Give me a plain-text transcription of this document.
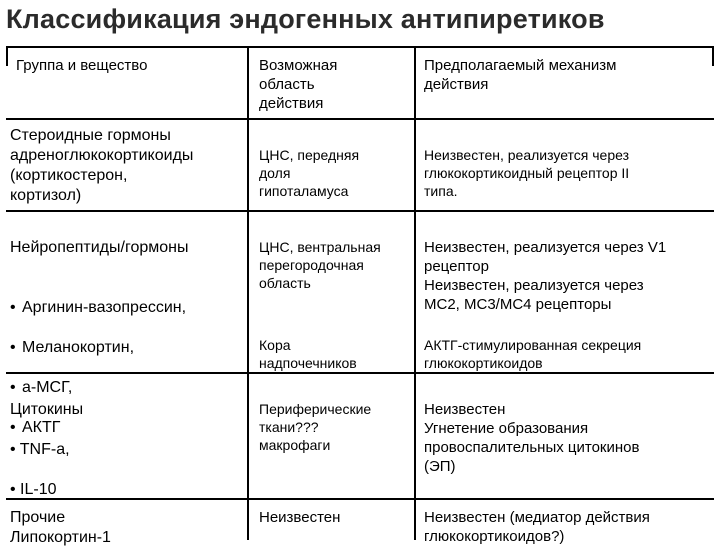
Классификация эндогенных антипиретиков
Группа и вещество	Возможная
область
действия
Предполагаемый механизм
действия
Стероидные гормоны
адреноглюкокортикоиды
(кортикостерон,
кортизол)
ЦНС, передняя
доля
гипоталамуса
Неизвестен, реализуется через
глюкокортикоидный рецептор II
типа.

Нейропептиды/гормоны

• Аргинин-вазопрессин,

• Меланокортин,

• а-МСГ,

• АКТГ

ЦНС, вентральная
перегородочная
область
Неизвестен, реализуется через V1
рецептор
Неизвестен, реализуется через
МС2, МС3/МС4 рецепторы
Кора
надпочечников
АКТГ-стимулированная секреция
глюкокортикоидов

Цитокины

• TNF-а,

• IL-10

Периферические
ткани???
макрофаги
Неизвестен
Угнетение образования
провоспалительных цитокинов
(ЭП)
Прочие
Липокортин-1
Неизвестен	Неизвестен (медиатор действия
глюкокортикоидов?)
